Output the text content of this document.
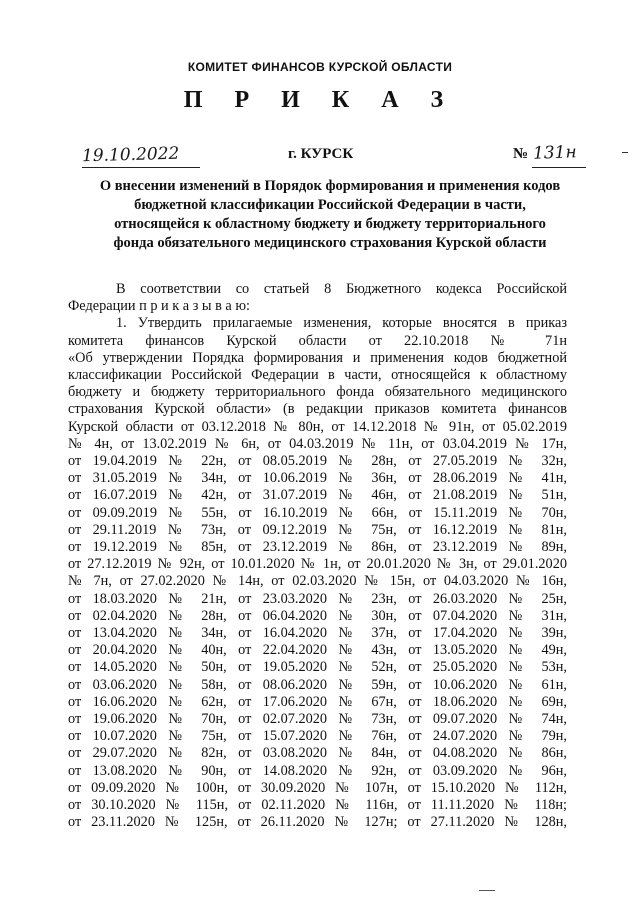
КОМИТЕТ ФИНАНСОВ КУРСКОЙ ОБЛАСТИ
П Р И К А З
19.10.2022	г. КУРСК	№ 131н
О внесении изменений в Порядок формирования и применения кодов
бюджетной классификации Российской Федерации в части,
относящейся к областному бюджету и бюджету территориального
фонда обязательного медицинского страхования Курской области
В соответствии со статьей 8 Бюджетного кодекса Российской
Федерации п р и к а з ы в а ю:
1. Утвердить прилагаемые изменения, которые вносятся в приказ
комитета финансов Курской области от 22.10.2018 № 71н
«Об утверждении Порядка формирования и применения кодов бюджетной
классификации Российской Федерации в части, относящейся к областному
бюджету и бюджету территориального фонда обязательного медицинского
страхования Курской области» (в редакции приказов комитета финансов
Курской области от 03.12.2018 № 80н, от 14.12.2018 № 91н, от 05.02.2019
№ 4н, от 13.02.2019 № 6н, от 04.03.2019 № 11н, от 03.04.2019 № 17н,
от 19.04.2019 № 22н, от 08.05.2019 № 28н, от 27.05.2019 № 32н,
от 31.05.2019 № 34н, от 10.06.2019 № 36н, от 28.06.2019 № 41н,
от 16.07.2019 № 42н, от 31.07.2019 № 46н, от 21.08.2019 № 51н,
от 09.09.2019 № 55н, от 16.10.2019 № 66н, от 15.11.2019 № 70н,
от 29.11.2019 № 73н, от 09.12.2019 № 75н, от 16.12.2019 № 81н,
от 19.12.2019 № 85н, от 23.12.2019 № 86н, от 23.12.2019 № 89н,
от 27.12.2019 № 92н, от 10.01.2020 № 1н, от 20.01.2020 № 3н, от 29.01.2020
№ 7н, от 27.02.2020 № 14н, от 02.03.2020 № 15н, от 04.03.2020 № 16н,
от 18.03.2020 № 21н, от 23.03.2020 № 23н, от 26.03.2020 № 25н,
от 02.04.2020 № 28н, от 06.04.2020 № 30н, от 07.04.2020 № 31н,
от 13.04.2020 № 34н, от 16.04.2020 № 37н, от 17.04.2020 № 39н,
от 20.04.2020 № 40н, от 22.04.2020 № 43н, от 13.05.2020 № 49н,
от 14.05.2020 № 50н, от 19.05.2020 № 52н, от 25.05.2020 № 53н,
от 03.06.2020 № 58н, от 08.06.2020 № 59н, от 10.06.2020 № 61н,
от 16.06.2020 № 62н, от 17.06.2020 № 67н, от 18.06.2020 № 69н,
от 19.06.2020 № 70н, от 02.07.2020 № 73н, от 09.07.2020 № 74н,
от 10.07.2020 № 75н, от 15.07.2020 № 76н, от 24.07.2020 № 79н,
от 29.07.2020 № 82н, от 03.08.2020 № 84н, от 04.08.2020 № 86н,
от 13.08.2020 № 90н, от 14.08.2020 № 92н, от 03.09.2020 № 96н,
от 09.09.2020 № 100н, от 30.09.2020 № 107н, от 15.10.2020 № 112н,
от 30.10.2020 № 115н, от 02.11.2020 № 116н, от 11.11.2020 № 118н;
от 23.11.2020 № 125н, от 26.11.2020 № 127н; от 27.11.2020 № 128н,
